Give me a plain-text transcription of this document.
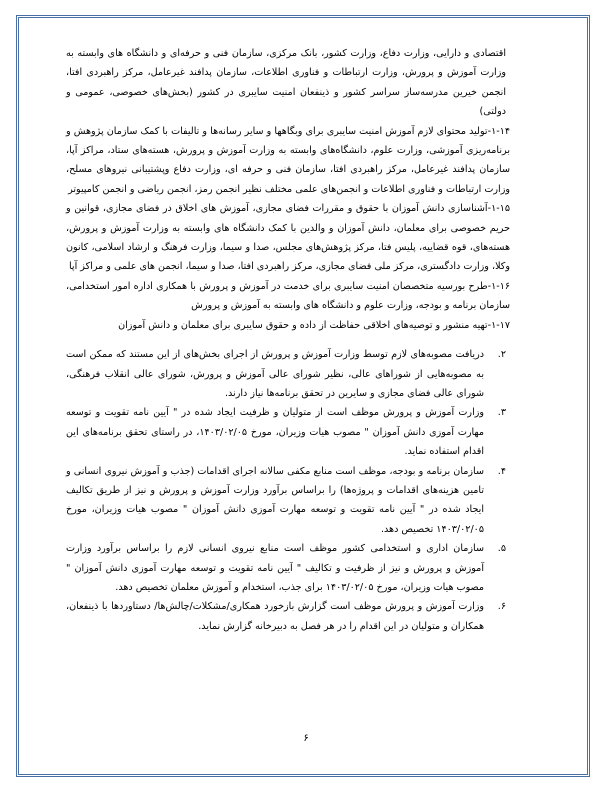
اقتصادی و دارایی، وزارت دفاع، وزارت کشور، بانک مرکزی، سازمان فنی و حرفه‌ای و دانشگاه های وابسته به وزارت آموزش و پرورش، وزارت ارتباطات و فناوری اطلاعات، سازمان پدافند غیرعامل، مرکز راهبردی افتا، انجمن خیرین مدرسه‌ساز سراسر کشور و ذینفعان امنیت سایبری در کشور (بخش‌های خصوصی، عمومی و دولتی)

۱-۱۴-تولید محتوای لازم آموزش امنیت سایبری برای وبگاهها و سایر رسانه‌ها و تالیفات با کمک سازمان پژوهش و برنامه‌ریزی آموزشی، وزارت علوم، دانشگاه‌های وابسته به وزارت آموزش و پرورش، هسته‌های ستاد، مراکز آپا، سازمان پدافند غیرعامل، مرکز راهبردی افتا، سازمان فنی و حرفه ای، وزارت دفاع وپشتیبانی نیروهای مسلح، وزارت ارتباطات و فناوری اطلاعات و انجمن‌های علمی مختلف نظیر انجمن رمز، انجمن ریاضی و انجمن کامپیوتر

۱-۱۵-آشناسازی دانش آموزان با حقوق و مقررات فضای مجازی، آموزش های اخلاق در فضای مجازی، قوانین و حریم خصوصی برای معلمان، دانش آموزان و والدین با کمک دانشگاه های وابسته به وزارت آموزش و پرورش، هسته‌های، قوه قضاییه، پلیس فتا، مرکز پژوهش‌های مجلس، صدا و سیما، وزارت فرهنگ و ارشاد اسلامی، کانون وکلا، وزارت دادگستری، مرکز ملی فضای مجازی، مرکز راهبردی افتا، صدا و سیما، انجمن های علمی و مراکز آپا

۱-۱۶-طرح بورسیه متخصصان امنیت سایبری برای خدمت در آموزش و پرورش با همکاری اداره امور استخدامی، سازمان برنامه و بودجه، وزارت علوم و دانشگاه های وابسته به آموزش و پرورش

۱-۱۷-تهیه منشور و توصیه‌های اخلاقی حفاظت از داده و حقوق سایبری برای معلمان و دانش آموزان

۲.
دریافت مصوبه‌های لازم توسط وزارت آموزش و پرورش از اجرای بخش‌های از این مستند که ممکن است به مصوبه‌هایی از شوراهای عالی، نظیر شورای عالی آموزش و پرورش، شورای عالی انقلاب فرهنگی، شورای عالی فضای مجازی و سایرین در تحقق برنامه‌ها نیاز دارند.

۳.
وزارت آموزش و پرورش موظف است از متولیان و ظرفیت ایجاد شده در " آیین نامه تقویت و توسعه مهارت آموزی دانش آموزان " مصوب هیات وزیران، مورخ ۱۴۰۳/۰۲/۰۵، در راستای تحقق برنامه‌های این اقدام استفاده نماید.

۴.
سازمان برنامه و بودجه، موظف است منابع مکفی سالانه اجرای اقدامات (جذب و آموزش نیروی انسانی و تامین هزینه‌های اقدامات و پروژه‌ها) را براساس برآورد وزارت آموزش و پرورش و نیز از طریق تکالیف ایجاد شده در " آیین نامه تقویت و توسعه مهارت آموزی دانش آموزان " مصوب هیات وزیران، مورخ ۱۴۰۳/۰۲/۰۵ تخصیص دهد.

۵.
سازمان اداری و استخدامی کشور موظف است منابع نیروی انسانی لازم را براساس برآورد وزارت آموزش و پرورش و نیز از ظرفیت و تکالیف " آیین نامه تقویت و توسعه مهارت آموزی دانش آموزان " مصوب هیات وزیران، مورخ ۱۴۰۳/۰۲/۰۵ برای جذب، استخدام و آموزش معلمان تخصیص دهد.

۶.
وزارت آموزش و پرورش موظف است گزارش بازخورد همکاری/مشکلات/چالش‌ها/ دستاوردها با ذینفعان، همکاران و متولیان در این اقدام را در هر فصل به دبیرخانه گزارش نماید.

۶
